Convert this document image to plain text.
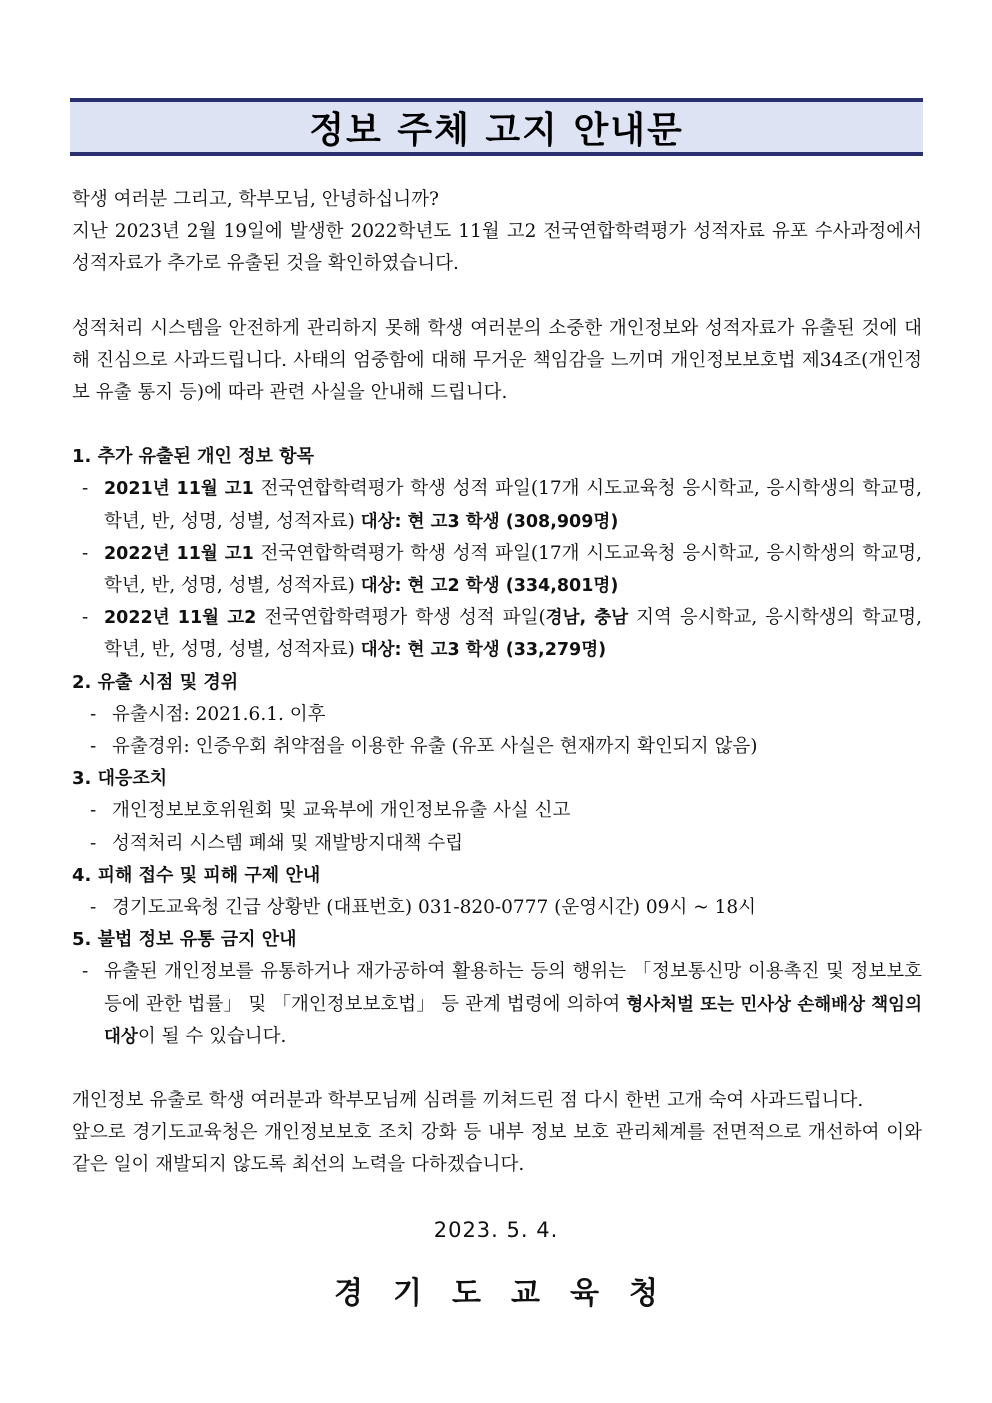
정보 주체 고지 안내문
학생 여러분 그리고, 학부모님, 안녕하십니까?
지난 2023년 2월 19일에 발생한 2022학년도 11월 고2 전국연합학력평가 성적자료 유포 수사과정에서 성적자료가 추가로 유출된 것을 확인하였습니다.
성적처리 시스템을 안전하게 관리하지 못해 학생 여러분의 소중한 개인정보와 성적자료가 유출된 것에 대해 진심으로 사과드립니다. 사태의 엄중함에 대해 무거운 책임감을 느끼며 개인정보보호법 제34조(개인정보 유출 통지 등)에 따라 관련 사실을 안내해 드립니다.
1. 추가 유출된 개인 정보 항목
- 2021년 11월 고1 전국연합학력평가 학생 성적 파일(17개 시도교육청 응시학교, 응시학생의 학교명, 학년, 반, 성명, 성별, 성적자료) 대상: 현 고3 학생 (308,909명)
- 2022년 11월 고1 전국연합학력평가 학생 성적 파일(17개 시도교육청 응시학교, 응시학생의 학교명, 학년, 반, 성명, 성별, 성적자료) 대상: 현 고2 학생 (334,801명)
- 2022년 11월 고2 전국연합학력평가 학생 성적 파일(경남, 충남 지역 응시학교, 응시학생의 학교명, 학년, 반, 성명, 성별, 성적자료) 대상: 현 고3 학생 (33,279명)
2. 유출 시점 및 경위
- 유출시점: 2021.6.1. 이후
- 유출경위: 인증우회 취약점을 이용한 유출 (유포 사실은 현재까지 확인되지 않음)
3. 대응조치
- 개인정보보호위원회 및 교육부에 개인정보유출 사실 신고
- 성적처리 시스템 폐쇄 및 재발방지대책 수립
4. 피해 접수 및 피해 구제 안내
- 경기도교육청 긴급 상황반 (대표번호) 031-820-0777 (운영시간) 09시 ~ 18시
5. 불법 정보 유통 금지 안내
- 유출된 개인정보를 유통하거나 재가공하여 활용하는 등의 행위는 「정보통신망 이용촉진 및 정보보호 등에 관한 법률」 및 「개인정보보호법」 등 관계 법령에 의하여 형사처벌 또는 민사상 손해배상 책임의 대상이 될 수 있습니다.
개인정보 유출로 학생 여러분과 학부모님께 심려를 끼쳐드린 점 다시 한번 고개 숙여 사과드립니다.
앞으로 경기도교육청은 개인정보보호 조치 강화 등 내부 정보 보호 관리체계를 전면적으로 개선하여 이와 같은 일이 재발되지 않도록 최선의 노력을 다하겠습니다.
2023. 5. 4.
경기도교육청
